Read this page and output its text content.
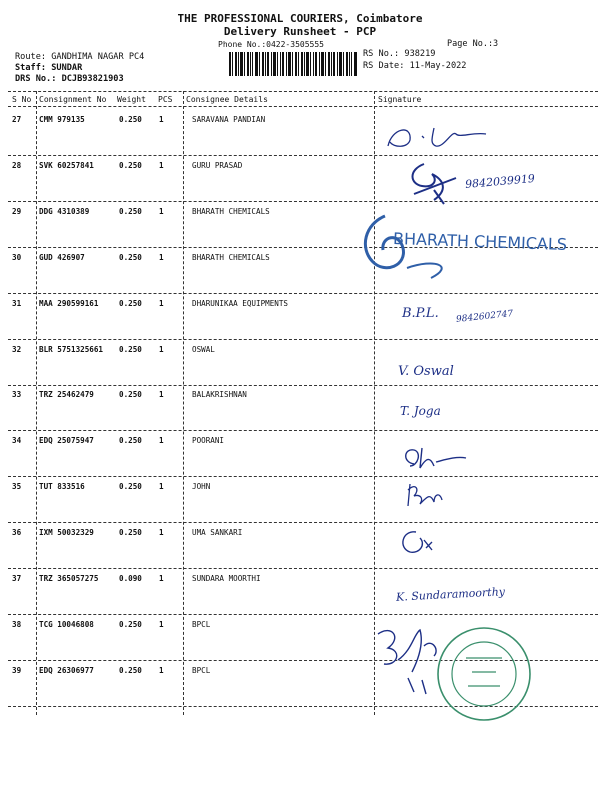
THE PROFESSIONAL COURIERS, Coimbatore
Delivery Runsheet - PCP
Phone No.:0422-3505555	Page No.:3
Route: GANDHIMA NAGAR PC4
Staff: SUNDAR
DRS No.: DCJB93821903
RS No.: 938219
RS Date: 11-May-2022
S No Consignment No Weight PCS Consignee Details	Signature
27 CMM 979135	0.250 1	SARAVANA PANDIAN
28 SVK 60257841	0.250 1	GURU PRASAD
29 DDG 4310389	0.250 1	BHARATH CHEMICALS
30 GUD 426907	0.250 1	BHARATH CHEMICALS
31 MAA 290599161	0.250 1	DHARUNIKAA EQUIPMENTS
32 BLR 5751325661 0.250 1	OSWAL
33 TRZ 25462479	0.250 1	BALAKRISHNAN
34 EDQ 25075947	0.250 1	POORANI
35 TUT 833516	0.250 1	JOHN
36 IXM 50032329	0.250 1	UMA SANKARI
37 TRZ 365057275	0.090 1	SUNDARA MOORTHI
38 TCG 10046808	0.250 1	BPCL
39 EDQ 26306977	0.250 1	BPCL
9842039919
BHARATH CHEMICALS
B.P.L. 9842602747
V. Oswal
T. Joga
K. Sundaramoorthy
